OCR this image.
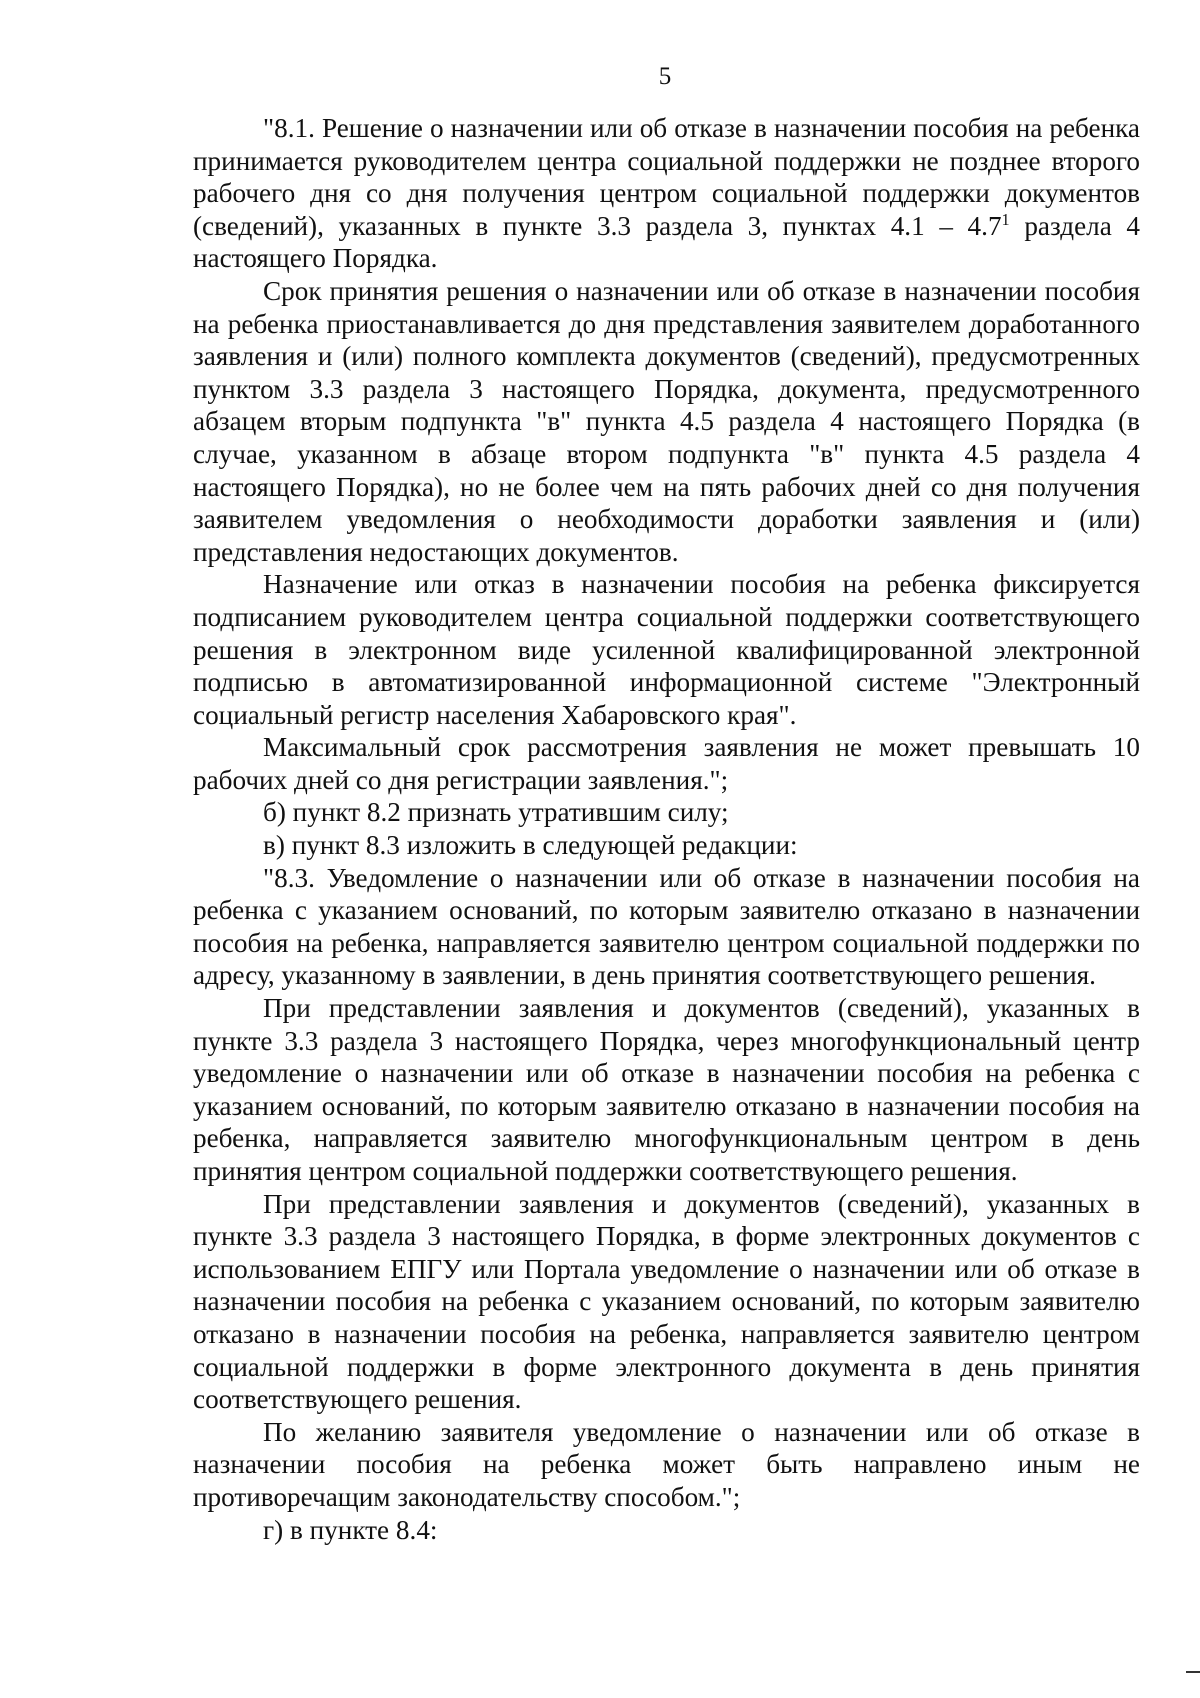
5

"8.1. Решение о назначении или об отказе в назначении пособия на ребенка принимается руководителем центра социальной поддержки не позднее второго рабочего дня со дня получения центром социальной поддержки документов (сведений), указанных в пункте 3.3 раздела 3, пунктах $4.1 - 4.7^1$ раздела 4 настоящего Порядка.

Срок принятия решения о назначении или об отказе в назначении пособия на ребенка приостанавливается до дня представления заявителем доработанного заявления и (или) полного комплекта документов (сведений), предусмотренных пунктом 3.3 раздела 3 настоящего Порядка, документа, предусмотренного абзацем вторым подпункта "в" пункта 4.5 раздела 4 настоящего Порядка (в случае, указанном в абзаце втором подпункта "в" пункта 4.5 раздела 4 настоящего Порядка), но не более чем на пять рабочих дней со дня получения заявителем уведомления о необходимости доработки заявления и (или) представления недостающих документов.

Назначение или отказ в назначении пособия на ребенка фиксируется подписанием руководителем центра социальной поддержки соответствующего решения в электронном виде усиленной квалифицированной электронной подписью в автоматизированной информационной системе "Электронный социальный регистр населения Хабаровского края".

Максимальный срок рассмотрения заявления не может превышать 10 рабочих дней со дня регистрации заявления.";

б) пункт 8.2 признать утратившим силу;

в) пункт 8.3 изложить в следующей редакции:

"8.3. Уведомление о назначении или об отказе в назначении пособия на ребенка с указанием оснований, по которым заявителю отказано в назначении пособия на ребенка, направляется заявителю центром социальной поддержки по адресу, указанному в заявлении, в день принятия соответствующего решения.

При представлении заявления и документов (сведений), указанных в пункте 3.3 раздела 3 настоящего Порядка, через многофункциональный центр уведомление о назначении или об отказе в назначении пособия на ребенка с указанием оснований, по которым заявителю отказано в назначении пособия на ребенка, направляется заявителю многофункциональным центром в день принятия центром социальной поддержки соответствующего решения.

При представлении заявления и документов (сведений), указанных в пункте 3.3 раздела 3 настоящего Порядка, в форме электронных документов с использованием ЕПГУ или Портала уведомление о назначении или об отказе в назначении пособия на ребенка с указанием оснований, по которым заявителю отказано в назначении пособия на ребенка, направляется заявителю центром социальной поддержки в форме электронного документа в день принятия соответствующего решения.

По желанию заявителя уведомление о назначении или об отказе в назначении пособия на ребенка может быть направлено иным не противоречащим законодательству способом.";

г) в пункте 8.4:
